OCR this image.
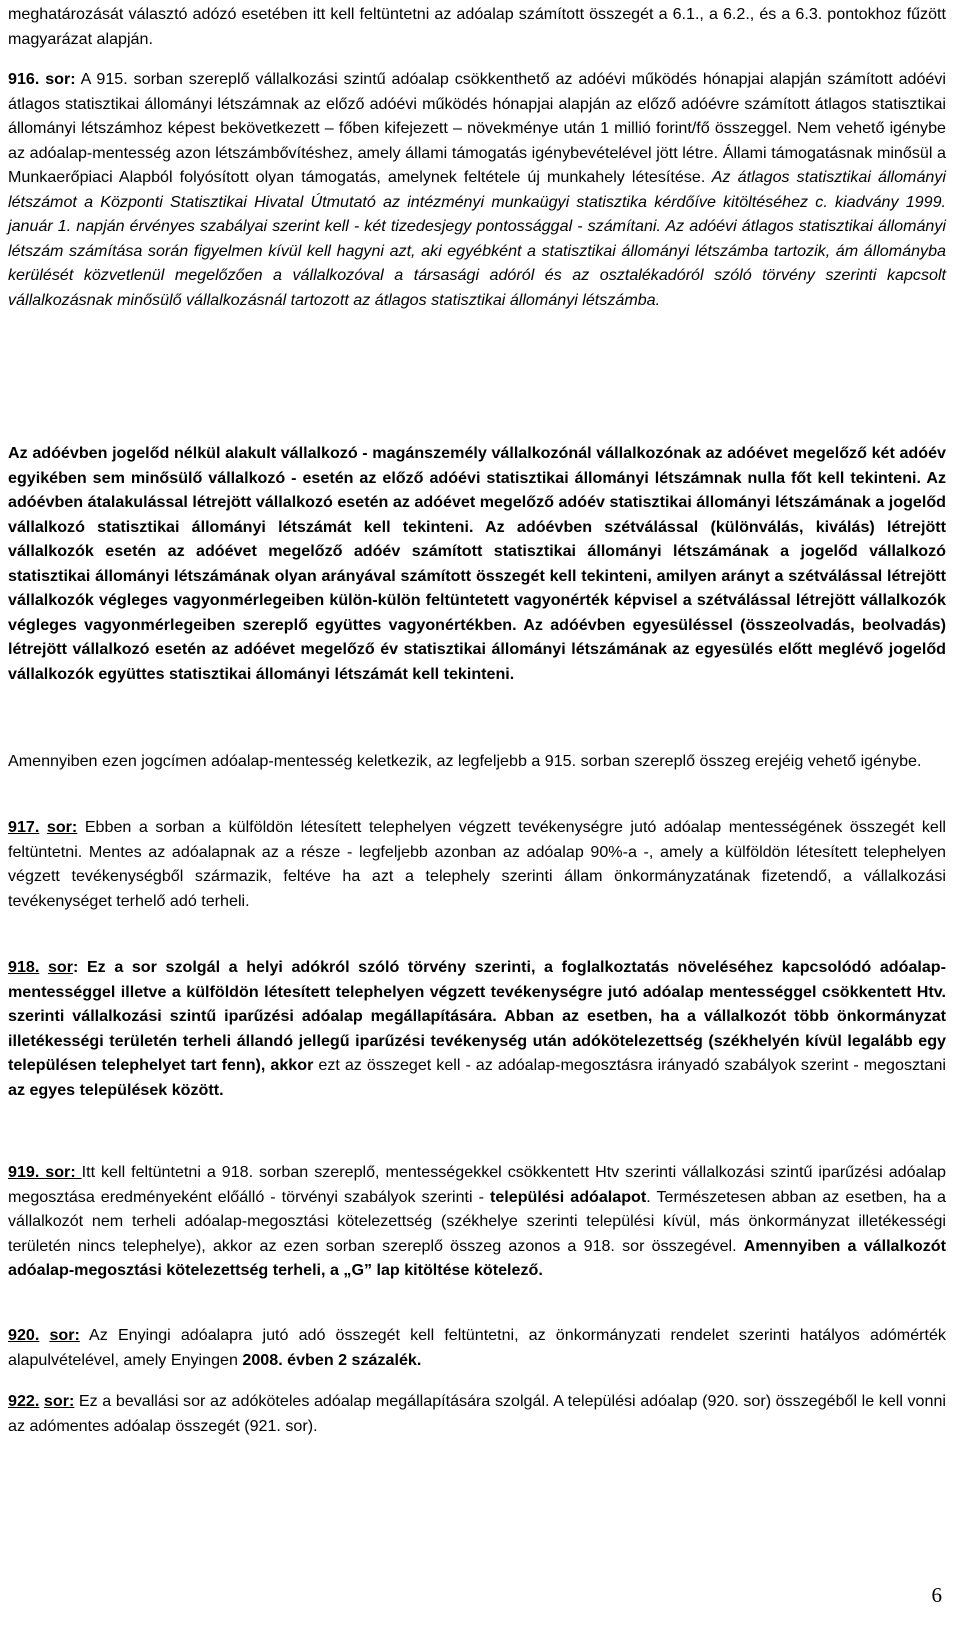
meghatározását választó adózó esetében itt kell feltüntetni az adóalap számított összegét a 6.1., a 6.2., és a 6.3. pontokhoz fűzött magyarázat alapján.

916. sor: A 915. sorban szereplő vállalkozási szintű adóalap csökkenthető az adóévi működés hónapjai alapján számított adóévi átlagos statisztikai állományi létszámnak az előző adóévi működés hónapjai alapján az előző adóévre számított átlagos statisztikai állományi létszámhoz képest bekövetkezett – főben kifejezett – növekménye után 1 millió forint/fő összeggel. Nem vehető igénybe az adóalap-mentesség azon létszámbővítéshez, amely állami támogatás igénybevételével jött létre. Állami támogatásnak minősül a Munkaerőpiaci Alapból folyósított olyan támogatás, amelynek feltétele új munkahely létesítése. Az átlagos statisztikai állományi létszámot a Központi Statisztikai Hivatal Útmutató az intézményi munkaügyi statisztika kérdőíve kitöltéséhez c. kiadvány 1999. január 1. napján érvényes szabályai szerint kell - két tizedesjegy pontossággal - számítani. Az adóévi átlagos statisztikai állományi létszám számítása során figyelmen kívül kell hagyni azt, aki egyébként a statisztikai állományi létszámba tartozik, ám állományba kerülését közvetlenül megelőzően a vállalkozóval a társasági adóról és az osztalékadóról szóló törvény szerinti kapcsolt vállalkozásnak minősülő vállalkozásnál tartozott az átlagos statisztikai állományi létszámba.

Az adóévben jogelőd nélkül alakult vállalkozó - magánszemély vállalkozónál vállalkozónak az adóévet megelőző két adóév egyikében sem minősülő vállalkozó - esetén az előző adóévi statisztikai állományi létszámnak nulla főt kell tekinteni. Az adóévben átalakulással létrejött vállalkozó esetén az adóévet megelőző adóév statisztikai állományi létszámának a jogelőd vállalkozó statisztikai állományi létszámát kell tekinteni. Az adóévben szétválással (különválás, kiválás) létrejött vállalkozók esetén az adóévet megelőző adóév számított statisztikai állományi létszámának a jogelőd vállalkozó statisztikai állományi létszámának olyan arányával számított összegét kell tekinteni, amilyen arányt a szétválással létrejött vállalkozók végleges vagyonmérlegeiben külön-külön feltüntetett vagyonérték képvisel a szétválással létrejött vállalkozók végleges vagyonmérlegeiben szereplő együttes vagyonértékben. Az adóévben egyesüléssel (összeolvadás, beolvadás) létrejött vállalkozó esetén az adóévet megelőző év statisztikai állományi létszámának az egyesülés előtt meglévő jogelőd vállalkozók együttes statisztikai állományi létszámát kell tekinteni.

Amennyiben ezen jogcímen adóalap-mentesség keletkezik, az legfeljebb a 915. sorban szereplő összeg erejéig vehető igénybe.

917. sor: Ebben a sorban a külföldön létesített telephelyen végzett tevékenységre jutó adóalap mentességének összegét kell feltüntetni. Mentes az adóalapnak az a része - legfeljebb azonban az adóalap 90%-a -, amely a külföldön létesített telephelyen végzett tevékenységből származik, feltéve ha azt a telephely szerinti állam önkormányzatának fizetendő, a vállalkozási tevékenységet terhelő adó terheli.

918. sor: Ez a sor szolgál a helyi adókról szóló törvény szerinti, a foglalkoztatás növeléséhez kapcsolódó adóalap-mentességgel illetve a külföldön létesített telephelyen végzett tevékenységre jutó adóalap mentességgel csökkentett Htv. szerinti vállalkozási szintű iparűzési adóalap megállapítására. Abban az esetben, ha a vállalkozót több önkormányzat illetékességi területén terheli állandó jellegű iparűzési tevékenység után adókötelezettség (székhelyén kívül legalább egy településen telephelyet tart fenn), akkor ezt az összeget kell - az adóalap-megosztásra irányadó szabályok szerint - megosztani az egyes települések között.

919. sor: Itt kell feltüntetni a 918. sorban szereplő, mentességekkel csökkentett Htv szerinti vállalkozási szintű iparűzési adóalap megosztása eredményeként előálló - törvényi szabályok szerinti - települési adóalapot. Természetesen abban az esetben, ha a vállalkozót nem terheli adóalap-megosztási kötelezettség (székhelye szerinti települési kívül, más önkormányzat illetékességi területén nincs telephelye), akkor az ezen sorban szereplő összeg azonos a 918. sor összegével. Amennyiben a vállalkozót adóalap-megosztási kötelezettség terheli, a „G” lap kitöltése kötelező.

920. sor: Az Enyingi adóalapra jutó adó összegét kell feltüntetni, az önkormányzati rendelet szerinti hatályos adómérték alapulvételével, amely Enyingen 2008. évben 2 százalék.

922. sor: Ez a bevallási sor az adóköteles adóalap megállapítására szolgál. A települési adóalap (920. sor) összegéből le kell vonni az adómentes adóalap összegét (921. sor).

6
